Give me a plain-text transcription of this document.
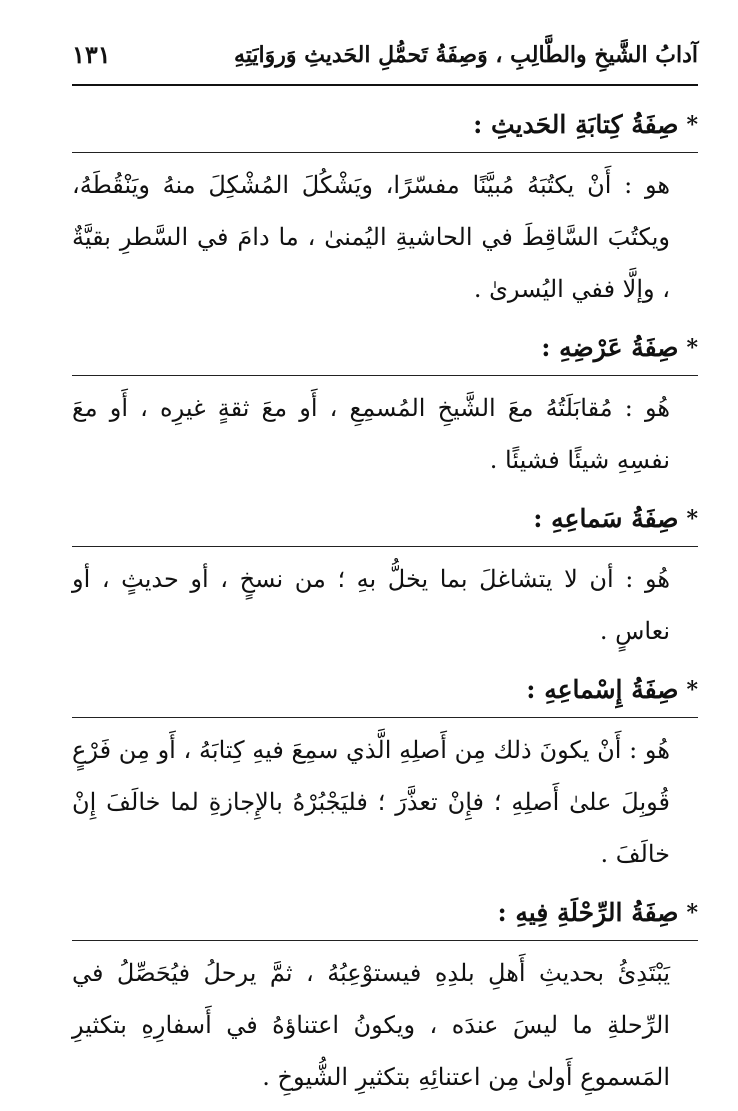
آدابُ الشَّيخِ والطَّالِبِ ، وَصِفَةُ تَحمُّلِ الحَديثِ وَروَايَتِهِ
١٣١
*
صِفَةُ كِتابَةِ الحَديثِ :

هو : أَنْ يكتُبَهُ مُبيَّنًا مفسّرًا، ويَشْكُلَ المُشْكِلَ منهُ ويَنْقُطَهُ، ويكتُبَ السَّاقِطَ في الحاشيةِ اليُمنىٰ ، ما دامَ في السَّطرِ بقيَّةٌ ، وإلَّا ففي اليُسرىٰ .

*
صِفَةُ عَرْضِهِ :

هُو : مُقابَلَتُهُ معَ الشَّيخِ المُسمِعِ ، أَو معَ ثقةٍ غيرِه ، أَو معَ نفسِهِ شيئًا فشيئًا .

*
صِفَةُ سَماعِهِ :

هُو : أن لا يتشاغلَ بما يخلُّ بهِ ؛ من نسخٍ ، أو حديثٍ ، أو نعاسٍ .

*
صِفَةُ إِسْماعِهِ :

هُو : أَنْ يكونَ ذلك مِن أَصلِهِ الَّذي سمِعَ فيهِ كِتابَهُ ، أَو مِن فَرْعٍ قُوبِلَ علىٰ أَصلِهِ ؛ فإِنْ تعذَّرَ ؛ فليَجْبُرْهُ بالإِجازةِ لما خالَفَ إِنْ خالَفَ .

*
صِفَةُ الرِّحْلَةِ فِيهِ :

يَبْتَدِئُ بحديثِ أَهلِ بلدِهِ فيستوْعِبُهُ ، ثمَّ يرحلُ فيُحَصِّلُ في الرِّحلةِ ما ليسَ عندَه ، ويكونُ اعتناؤهُ في أَسفارِهِ بتكثيرِ المَسموعِ أَولىٰ مِن اعتنائِهِ بتكثيرِ الشُّيوخِ .
